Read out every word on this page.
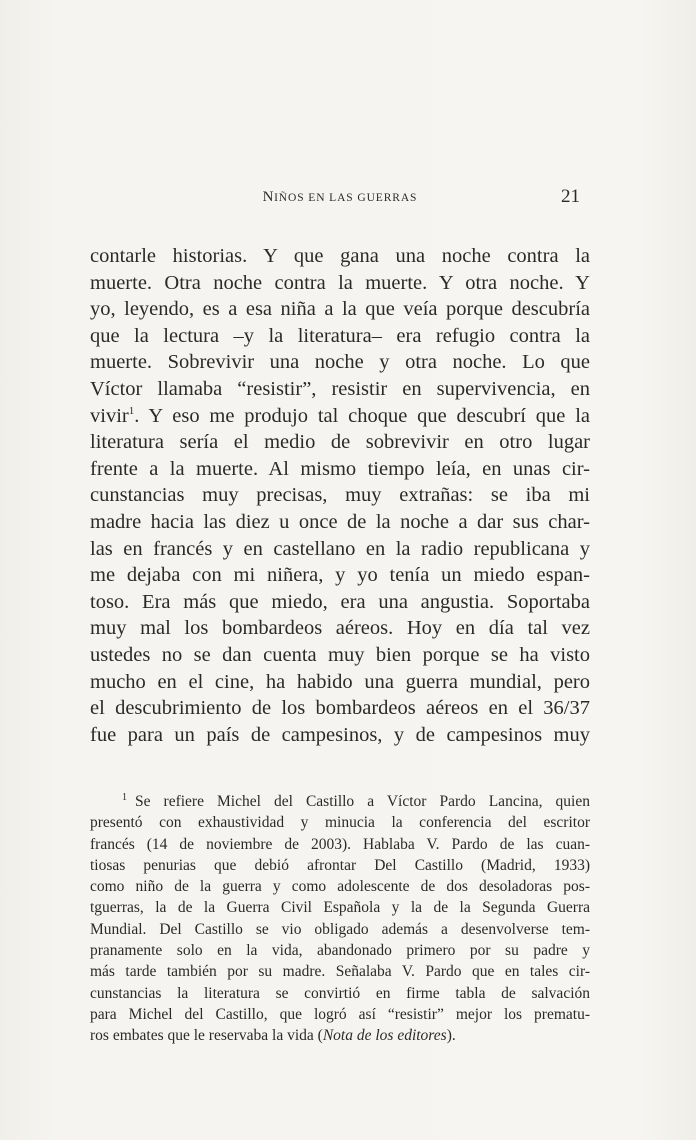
NIÑOS EN LAS GUERRAS	21
contarle historias. Y que gana una noche contra la
muerte. Otra noche contra la muerte. Y otra noche. Y
yo, leyendo, es a esa niña a la que veía porque descubría
que la lectura –y la literatura– era refugio contra la
muerte. Sobrevivir una noche y otra noche. Lo que
Víctor llamaba “resistir”, resistir en supervivencia, en
vivir$^1$. Y eso me produjo tal choque que descubrí que la
literatura sería el medio de sobrevivir en otro lugar
frente a la muerte. Al mismo tiempo leía, en unas cir-
cunstancias muy precisas, muy extrañas: se iba mi
madre hacia las diez u once de la noche a dar sus char-
las en francés y en castellano en la radio republicana y
me dejaba con mi niñera, y yo tenía un miedo espan-
toso. Era más que miedo, era una angustia. Soportaba
muy mal los bombardeos aéreos. Hoy en día tal vez
ustedes no se dan cuenta muy bien porque se ha visto
mucho en el cine, ha habido una guerra mundial, pero
el descubrimiento de los bombardeos aéreos en el 36/37
fue para un país de campesinos, y de campesinos muy
$^1$ Se refiere Michel del Castillo a Víctor Pardo Lancina, quien
presentó con exhaustividad y minucia la conferencia del escritor
francés (14 de noviembre de 2003). Hablaba V. Pardo de las cuan-
tiosas penurias que debió afrontar Del Castillo (Madrid, 1933)
como niño de la guerra y como adolescente de dos desoladoras pos-
tguerras, la de la Guerra Civil Española y la de la Segunda Guerra
Mundial. Del Castillo se vio obligado además a desenvolverse tem-
pranamente solo en la vida, abandonado primero por su padre y
más tarde también por su madre. Señalaba V. Pardo que en tales cir-
cunstancias la literatura se convirtió en firme tabla de salvación
para Michel del Castillo, que logró así “resistir” mejor los prematu-
ros embates que le reservaba la vida (Nota de los editores).
